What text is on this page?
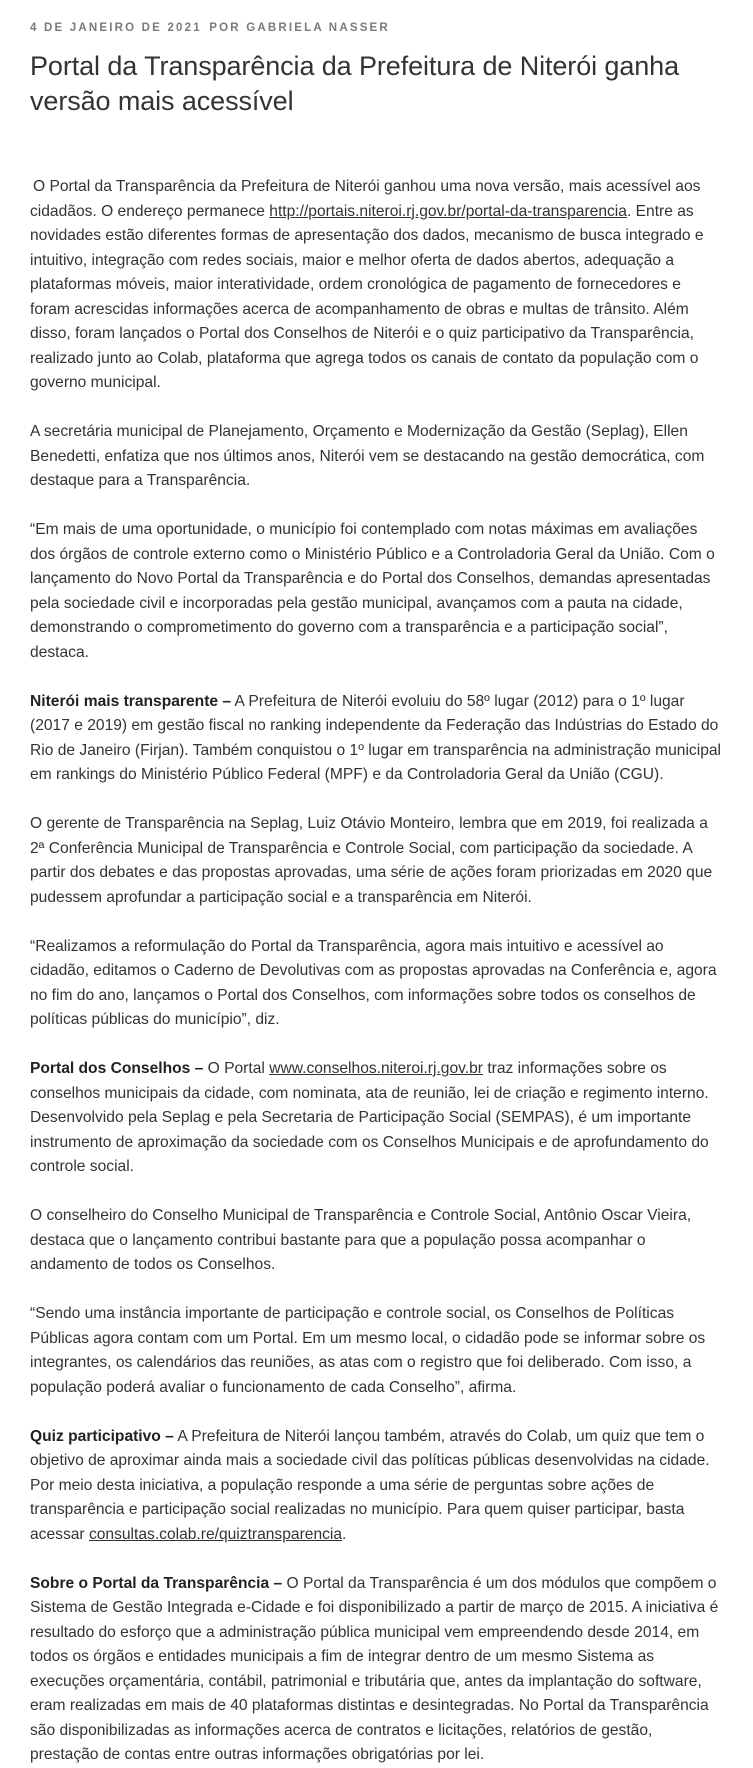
4 DE JANEIRO DE 2021 POR GABRIELA NASSER
Portal da Transparência da Prefeitura de Niterói ganha versão mais acessível

O Portal da Transparência da Prefeitura de Niterói ganhou uma nova versão, mais acessível aos cidadãos. O endereço permanece http://portais.niteroi.rj.gov.br/portal-da-transparencia. Entre as novidades estão diferentes formas de apresentação dos dados, mecanismo de busca integrado e intuitivo, integração com redes sociais, maior e melhor oferta de dados abertos, adequação a plataformas móveis, maior interatividade, ordem cronológica de pagamento de fornecedores e foram acrescidas informações acerca de acompanhamento de obras e multas de trânsito. Além disso, foram lançados o Portal dos Conselhos de Niterói e o quiz participativo da Transparência, realizado junto ao Colab, plataforma que agrega todos os canais de contato da população com o governo municipal.

A secretária municipal de Planejamento, Orçamento e Modernização da Gestão (Seplag), Ellen Benedetti, enfatiza que nos últimos anos, Niterói vem se destacando na gestão democrática, com destaque para a Transparência.

“Em mais de uma oportunidade, o município foi contemplado com notas máximas em avaliações dos órgãos de controle externo como o Ministério Público e a Controladoria Geral da União. Com o lançamento do Novo Portal da Transparência e do Portal dos Conselhos, demandas apresentadas pela sociedade civil e incorporadas pela gestão municipal, avançamos com a pauta na cidade, demonstrando o comprometimento do governo com a transparência e a participação social”, destaca.

Niterói mais transparente – A Prefeitura de Niterói evoluiu do 58º lugar (2012) para o 1º lugar (2017 e 2019) em gestão fiscal no ranking independente da Federação das Indústrias do Estado do Rio de Janeiro (Firjan). Também conquistou o 1º lugar em transparência na administração municipal em rankings do Ministério Público Federal (MPF) e da Controladoria Geral da União (CGU).

O gerente de Transparência na Seplag, Luiz Otávio Monteiro, lembra que em 2019, foi realizada a 2ª Conferência Municipal de Transparência e Controle Social, com participação da sociedade. A partir dos debates e das propostas aprovadas, uma série de ações foram priorizadas em 2020 que pudessem aprofundar a participação social e a transparência em Niterói.

“Realizamos a reformulação do Portal da Transparência, agora mais intuitivo e acessível ao cidadão, editamos o Caderno de Devolutivas com as propostas aprovadas na Conferência e, agora no fim do ano, lançamos o Portal dos Conselhos, com informações sobre todos os conselhos de políticas públicas do município”, diz.

Portal dos Conselhos – O Portal www.conselhos.niteroi.rj.gov.br traz informações sobre os conselhos municipais da cidade, com nominata, ata de reunião, lei de criação e regimento interno. Desenvolvido pela Seplag e pela Secretaria de Participação Social (SEMPAS), é um importante instrumento de aproximação da sociedade com os Conselhos Municipais e de aprofundamento do controle social.

O conselheiro do Conselho Municipal de Transparência e Controle Social, Antônio Oscar Vieira, destaca que o lançamento contribui bastante para que a população possa acompanhar o andamento de todos os Conselhos.

“Sendo uma instância importante de participação e controle social, os Conselhos de Políticas Públicas agora contam com um Portal. Em um mesmo local, o cidadão pode se informar sobre os integrantes, os calendários das reuniões, as atas com o registro que foi deliberado. Com isso, a população poderá avaliar o funcionamento de cada Conselho”, afirma.

Quiz participativo – A Prefeitura de Niterói lançou também, através do Colab, um quiz que tem o objetivo de aproximar ainda mais a sociedade civil das políticas públicas desenvolvidas na cidade. Por meio desta iniciativa, a população responde a uma série de perguntas sobre ações de transparência e participação social realizadas no município. Para quem quiser participar, basta acessar consultas.colab.re/quiztransparencia.

Sobre o Portal da Transparência – O Portal da Transparência é um dos módulos que compõem o Sistema de Gestão Integrada e-Cidade e foi disponibilizado a partir de março de 2015. A iniciativa é resultado do esforço que a administração pública municipal vem empreendendo desde 2014, em todos os órgãos e entidades municipais a fim de integrar dentro de um mesmo Sistema as execuções orçamentária, contábil, patrimonial e tributária que, antes da implantação do software, eram realizadas em mais de 40 plataformas distintas e desintegradas. No Portal da Transparência são disponibilizadas as informações acerca de contratos e licitações, relatórios de gestão, prestação de contas entre outras informações obrigatórias por lei.
